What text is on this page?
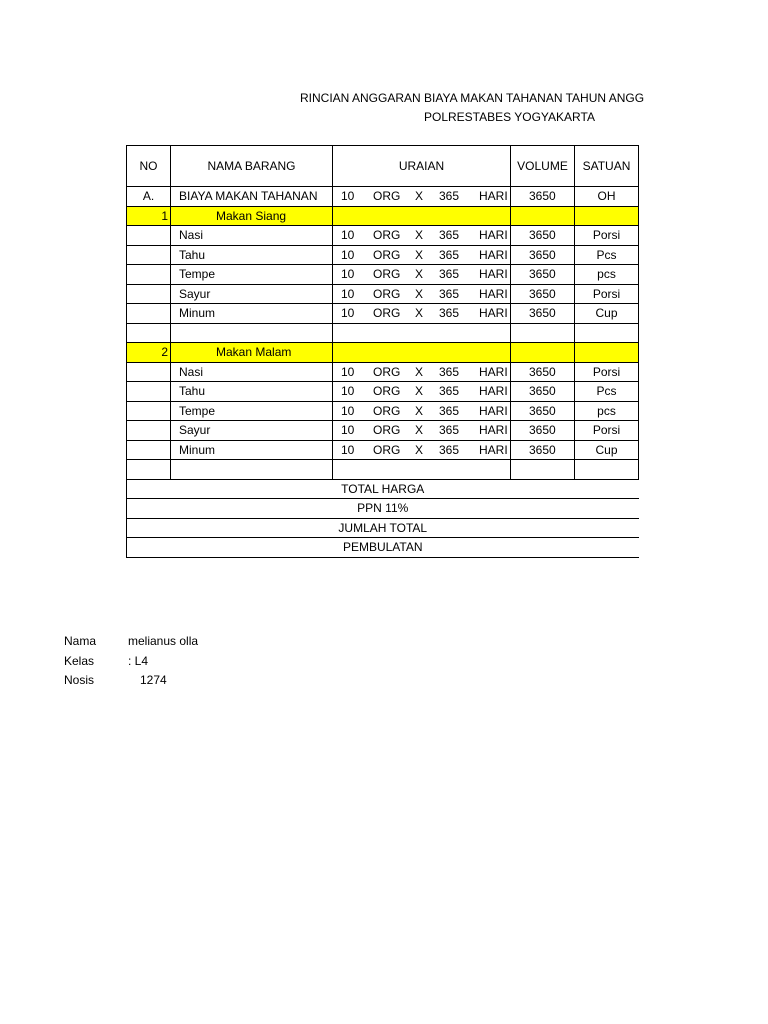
RINCIAN ANGGARAN BIAYA MAKAN TAHANAN TAHUN ANGG
POLRESTABES YOGYAKARTA
NO	NAMA BARANG	URAIAN	VOLUME	SATUAN
A.	BIAYA MAKAN TAHANAN	10 ORG X 365 HARI	3650	OH
1	Makan Siang			
	Nasi	10 ORG X 365 HARI	3650	Porsi
	Tahu	10 ORG X 365 HARI	3650	Pcs
	Tempe	10 ORG X 365 HARI	3650	pcs
	Sayur	10 ORG X 365 HARI	3650	Porsi
	Minum	10 ORG X 365 HARI	3650	Cup

2	Makan Malam			
	Nasi	10 ORG X 365 HARI	3650	Porsi
	Tahu	10 ORG X 365 HARI	3650	Pcs
	Tempe	10 ORG X 365 HARI	3650	pcs
	Sayur	10 ORG X 365 HARI	3650	Porsi
	Minum	10 ORG X 365 HARI	3650	Cup

TOTAL HARGA				
PPN 11%				
JUMLAH TOTAL				
PEMBULATAN				
Nama	melianus olla
Kelas	: L4
Nosis	1274
